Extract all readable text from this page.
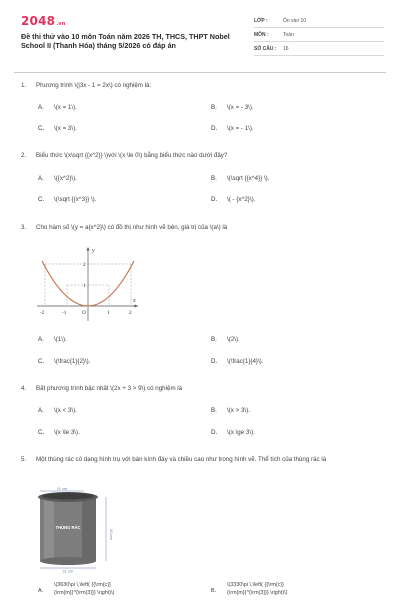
2048.vn
Đề thi thử vào 10 môn Toán năm 2026 TH, THCS, THPT Nobel School II (Thanh Hóa) tháng 5/2026 có đáp án
LỚP :	Ôn vào 10
MÔN :	Toán
SỐ CÂU : 16
1. Phương trình \(|3x - 1 = 2x\) có nghiệm là:
A. \(x = 1\).	B. \(x = - 3\).
C. \(x = 3\).	D. \(x = - 1\).
2. Biểu thức \(x\sqrt {{x^2}} \)với \(x \le 0\) bằng biểu thức nào dưới đây?
A. \({x^2}\).	B. \(\sqrt {{x^4}} \).
C. \(\sqrt {{x^3}} \).	D. \( - {x^2}\).
3. Cho hàm số \(y = a{x^2}\) có đồ thị như hình vẽ bên, giá trị của \(a\) là
A. \(1\).	B. \(2\).
C. \(\frac{1}{2}\).	D. \(\frac{1}{4}\).
y
x
2
1
-2	-1	O	1	2
4. Bất phương trình bậc nhất \(2x + 3 > 9\) có nghiệm là
A. \(x < 3\).	B. \(x > 3\).
C. \(x \le 3\).	D. \(x \ge 3\).
5. Một thùng rác có dạng hình trụ với bán kính đáy và chiều cao như trong hình vẽ. Thể tích của thùng rác là
A.
\(3630\pi \,\left( {{\rm{c}}
{\rm{m}}^{\rm{3}}} \right)\)	B.
\(3330\pi \,\left( {{\rm{c}}
{\rm{m}}^{\rm{3}}} \right)\)
11 cm
30 cm
THÙNG RÁC
11 cm
